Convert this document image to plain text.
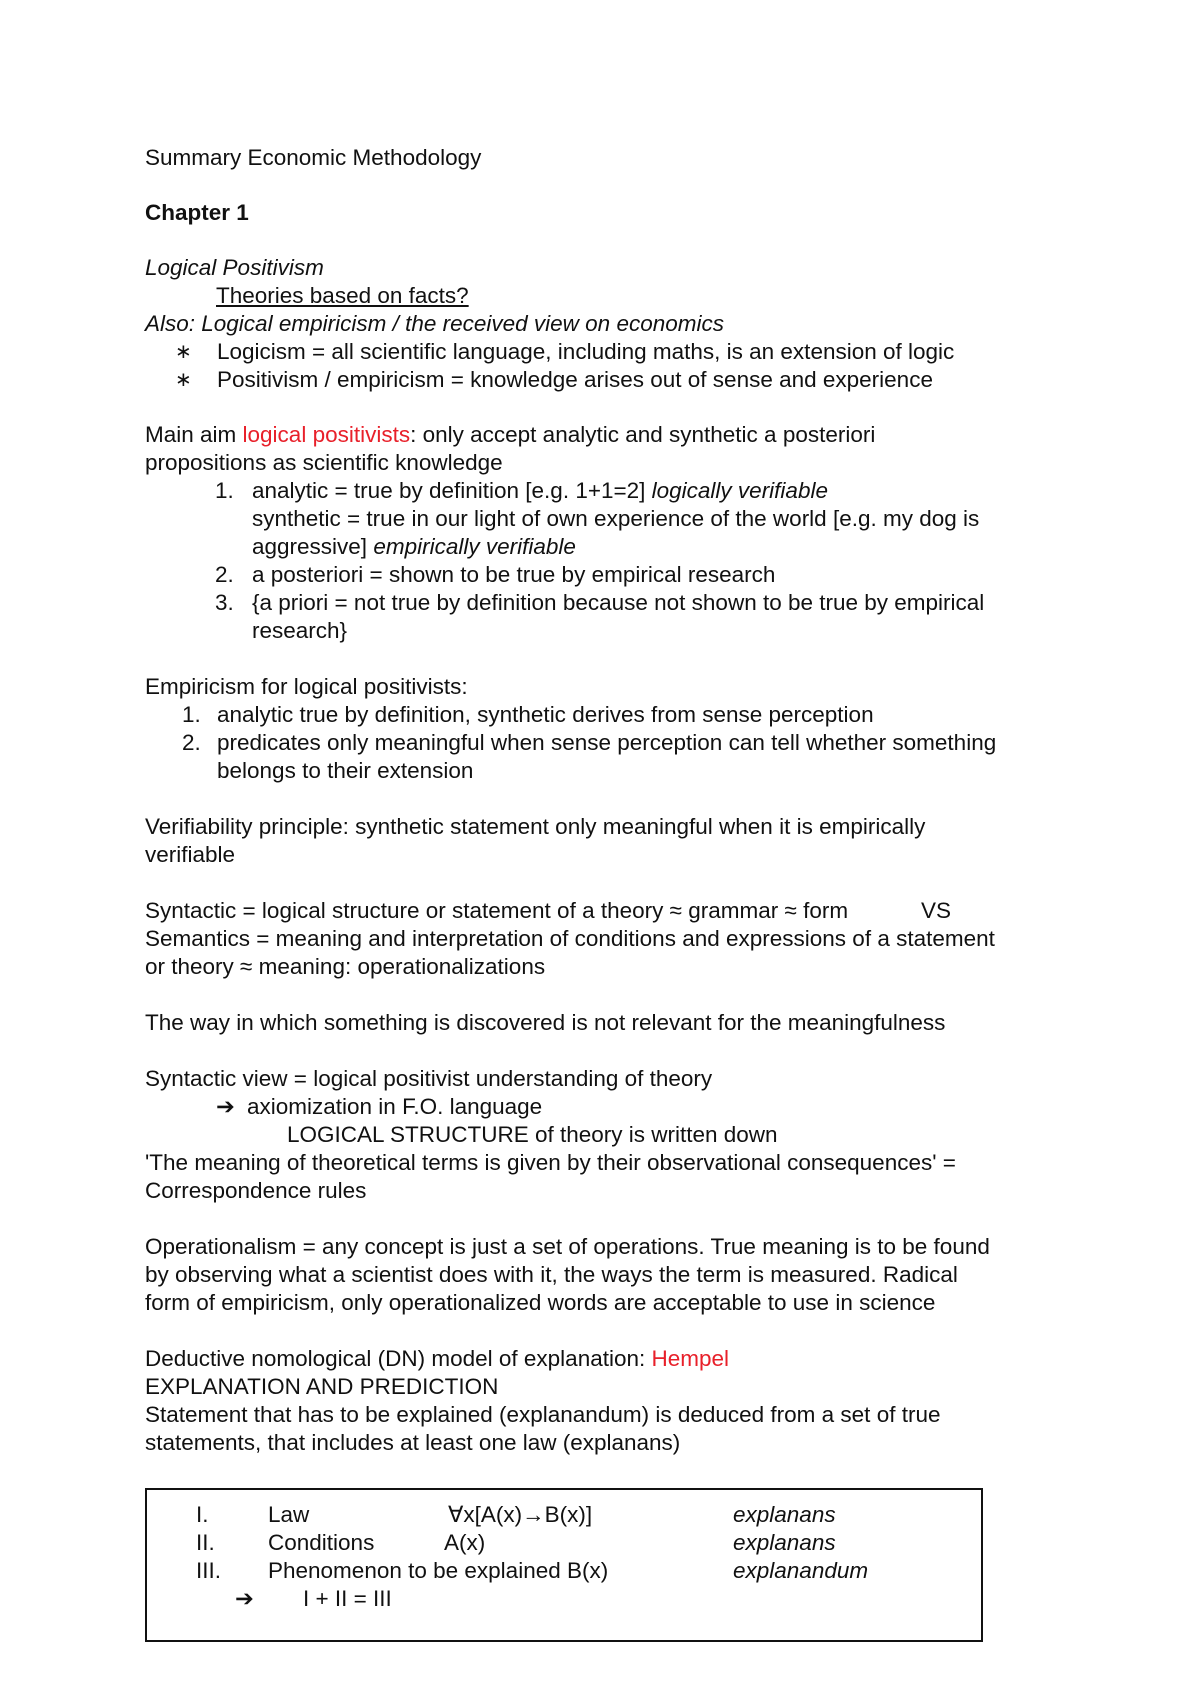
Summary Economic Methodology
Chapter 1
Logical Positivism
Theories based on facts?
Also: Logical empiricism / the received view on economics
∗ Logicism = all scientific language, including maths, is an extension of logic
∗ Positivism / empiricism = knowledge arises out of sense and experience
Main aim logical positivists: only accept analytic and synthetic a posteriori
propositions as scientific knowledge
1. analytic = true by definition [e.g. 1+1=2] logically verifiable
synthetic = true in our light of own experience of the world [e.g. my dog is
aggressive] empirically verifiable
2. a posteriori = shown to be true by empirical research
3. {a priori = not true by definition because not shown to be true by empirical
research}
Empiricism for logical positivists:
1. analytic true by definition, synthetic derives from sense perception
2. predicates only meaningful when sense perception can tell whether something
belongs to their extension
Verifiability principle: synthetic statement only meaningful when it is empirically
verifiable
Syntactic = logical structure or statement of a theory ≈ grammar ≈ form	VS
Semantics = meaning and interpretation of conditions and expressions of a statement
or theory ≈ meaning: operationalizations
The way in which something is discovered is not relevant for the meaningfulness
Syntactic view = logical positivist understanding of theory
➔ axiomization in F.O. language
LOGICAL STRUCTURE of theory is written down
'The meaning of theoretical terms is given by their observational consequences' =
Correspondence rules
Operationalism = any concept is just a set of operations. True meaning is to be found
by observing what a scientist does with it, the ways the term is measured. Radical
form of empiricism, only operationalized words are acceptable to use in science
Deductive nomological (DN) model of explanation: Hempel
EXPLANATION AND PREDICTION
Statement that has to be explained (explanandum) is deduced from a set of true
statements, that includes at least one law (explanans)
I.	Law	∀x[A(x)→B(x)]	explanans
II. Conditions	A(x)	explanans
III. Phenomenon to be explained B(x)	explanandum
➔ I + II = III
